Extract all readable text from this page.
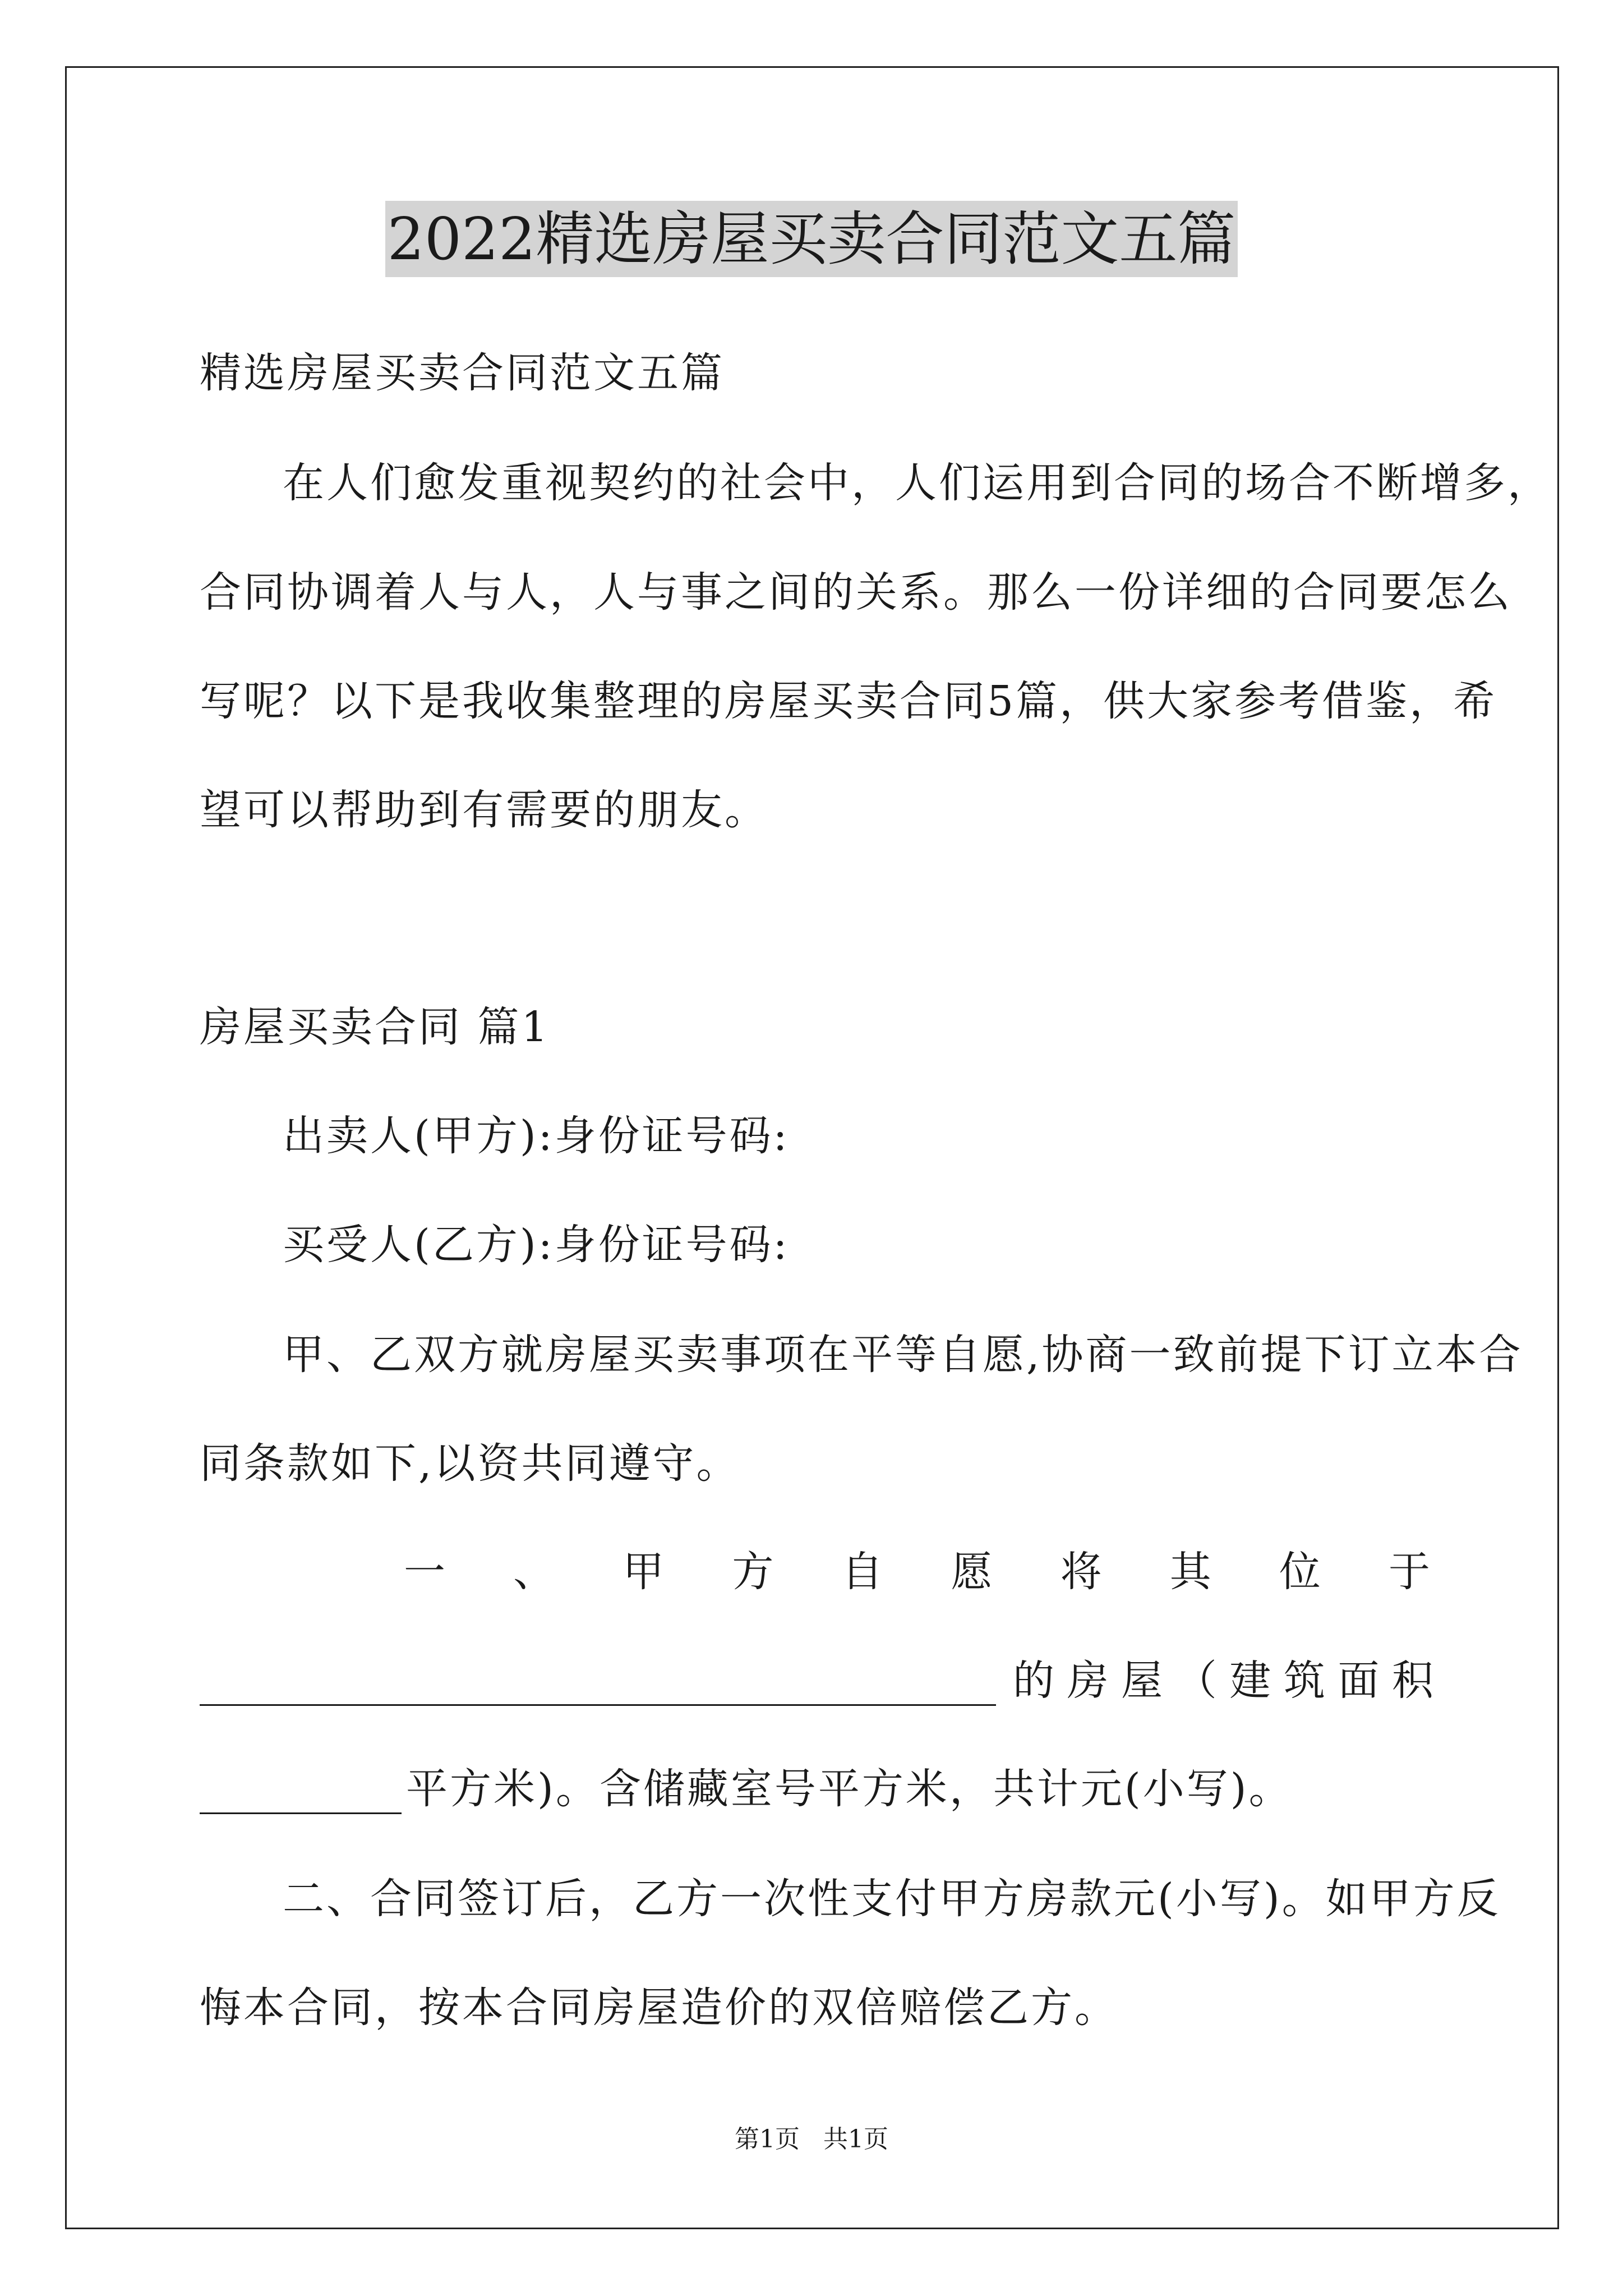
2022精选房屋买卖合同范文五篇
精选房屋买卖合同范文五篇
在人们愈发重视契约的社会中，人们运用到合同的场合不断增多，
合同协调着人与人，人与事之间的关系。那么一份详细的合同要怎么
写呢？以下是我收集整理的房屋买卖合同5篇，供大家参考借鉴，希
望可以帮助到有需要的朋友。
房屋买卖合同 篇1
出卖人(甲方):身份证号码:
买受人(乙方):身份证号码:
甲、乙双方就房屋买卖事项在平等自愿,协商一致前提下订立本合
同条款如下,以资共同遵守。
一 、 甲 方 自 愿 将 其 位 于
的 房 屋 （ 建 筑 面 积
平方米)。含储藏室号平方米，共计元(小写)。
二、合同签订后，乙方一次性支付甲方房款元(小写)。如甲方反
悔本合同，按本合同房屋造价的双倍赔偿乙方。
第1页   共1页
